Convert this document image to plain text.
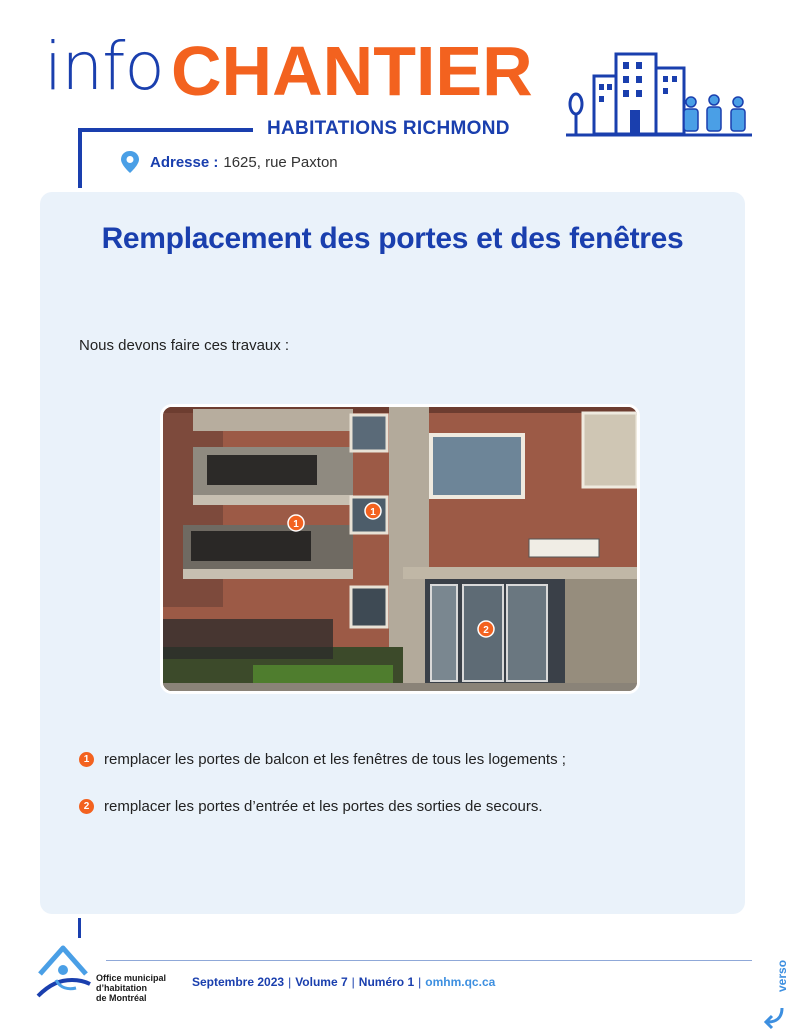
info CHANTIER
HABITATIONS RICHMOND
Adresse : 1625, rue Paxton
Remplacement des portes et des fenêtres
Nous devons faire ces travaux :
1
1
2
1 remplacer les portes de balcon et les fenêtres de tous les logements ;
2 remplacer les portes d’entrée et les portes des sorties de secours.
Office municipal
d’habitation
de Montréal
Septembre 2023 | Volume 7 | Numéro 1 | omhm.qc.ca	verso
